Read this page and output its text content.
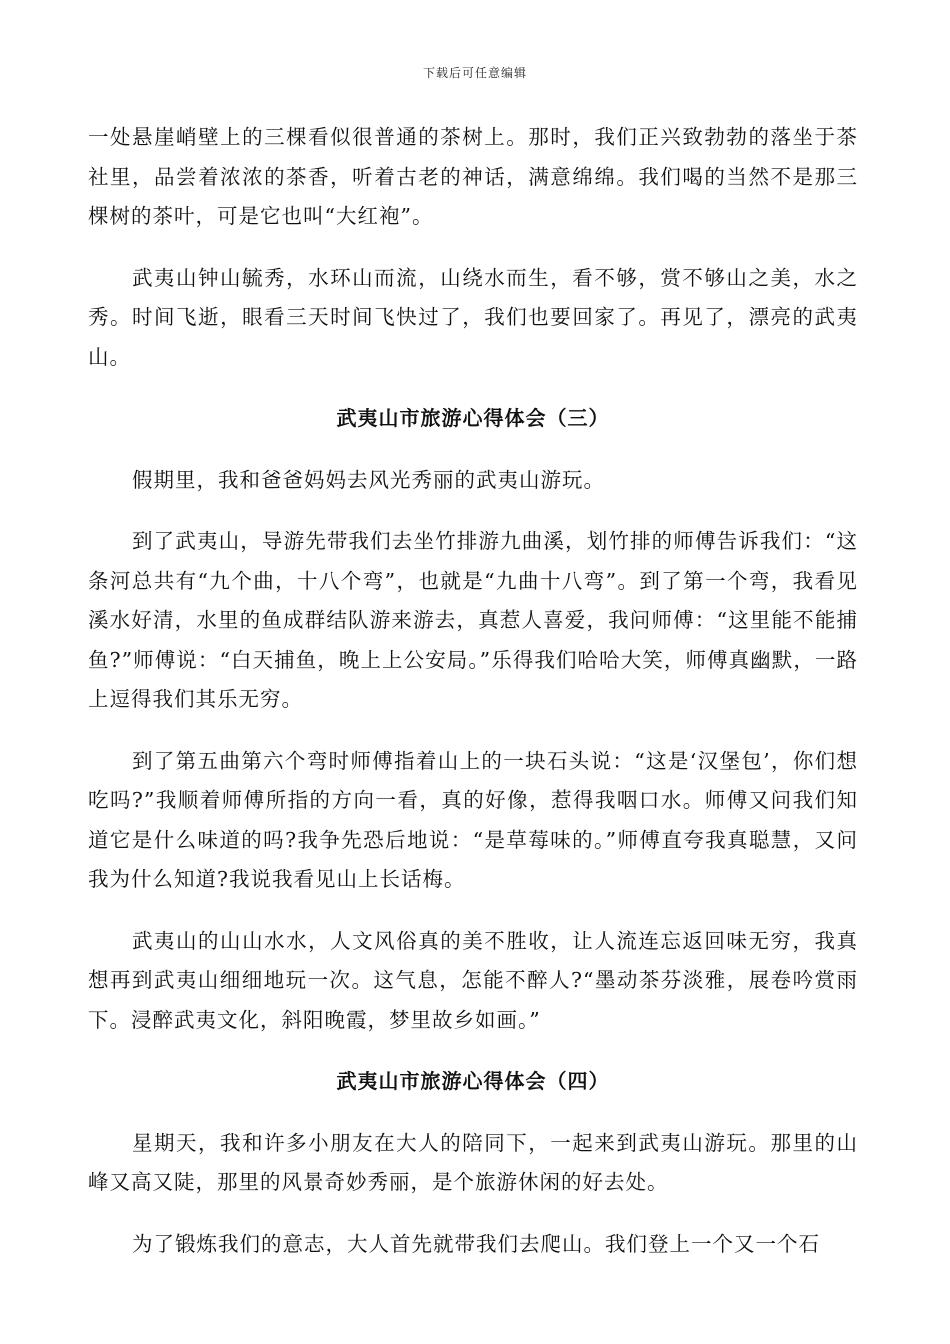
下载后可任意编辑

一处悬崖峭壁上的三棵看似很普通的茶树上。那时，我们正兴致勃勃的落坐于茶社里，品尝着浓浓的茶香，听着古老的神话，满意绵绵。我们喝的当然不是那三棵树的茶叶，可是它也叫“大红袍”。

武夷山钟山毓秀，水环山而流，山绕水而生，看不够，赏不够山之美，水之秀。时间飞逝，眼看三天时间飞快过了，我们也要回家了。再见了，漂亮的武夷山。

武夷山市旅游心得体会（三）

假期里，我和爸爸妈妈去风光秀丽的武夷山游玩。

到了武夷山，导游先带我们去坐竹排游九曲溪，划竹排的师傅告诉我们：“这条河总共有“九个曲，十八个弯”，也就是“九曲十八弯”。到了第一个弯，我看见溪水好清，水里的鱼成群结队游来游去，真惹人喜爱，我问师傅：“这里能不能捕鱼?”师傅说：“白天捕鱼，晚上上公安局。”乐得我们哈哈大笑，师傅真幽默，一路上逗得我们其乐无穷。

到了第五曲第六个弯时师傅指着山上的一块石头说：“这是‘汉堡包’，你们想吃吗?”我顺着师傅所指的方向一看，真的好像，惹得我咽口水。师傅又问我们知道它是什么味道的吗?我争先恐后地说：“是草莓味的。”师傅直夸我真聪慧，又问我为什么知道?我说我看见山上长话梅。

武夷山的山山水水，人文风俗真的美不胜收，让人流连忘返回味无穷，我真想再到武夷山细细地玩一次。这气息，怎能不醉人?“墨动茶芬淡雅，展卷吟赏雨下。浸醉武夷文化，斜阳晚霞，梦里故乡如画。”

武夷山市旅游心得体会（四）

星期天，我和许多小朋友在大人的陪同下，一起来到武夷山游玩。那里的山峰又高又陡，那里的风景奇妙秀丽，是个旅游休闲的好去处。

为了锻炼我们的意志，大人首先就带我们去爬山。我们登上一个又一个石
